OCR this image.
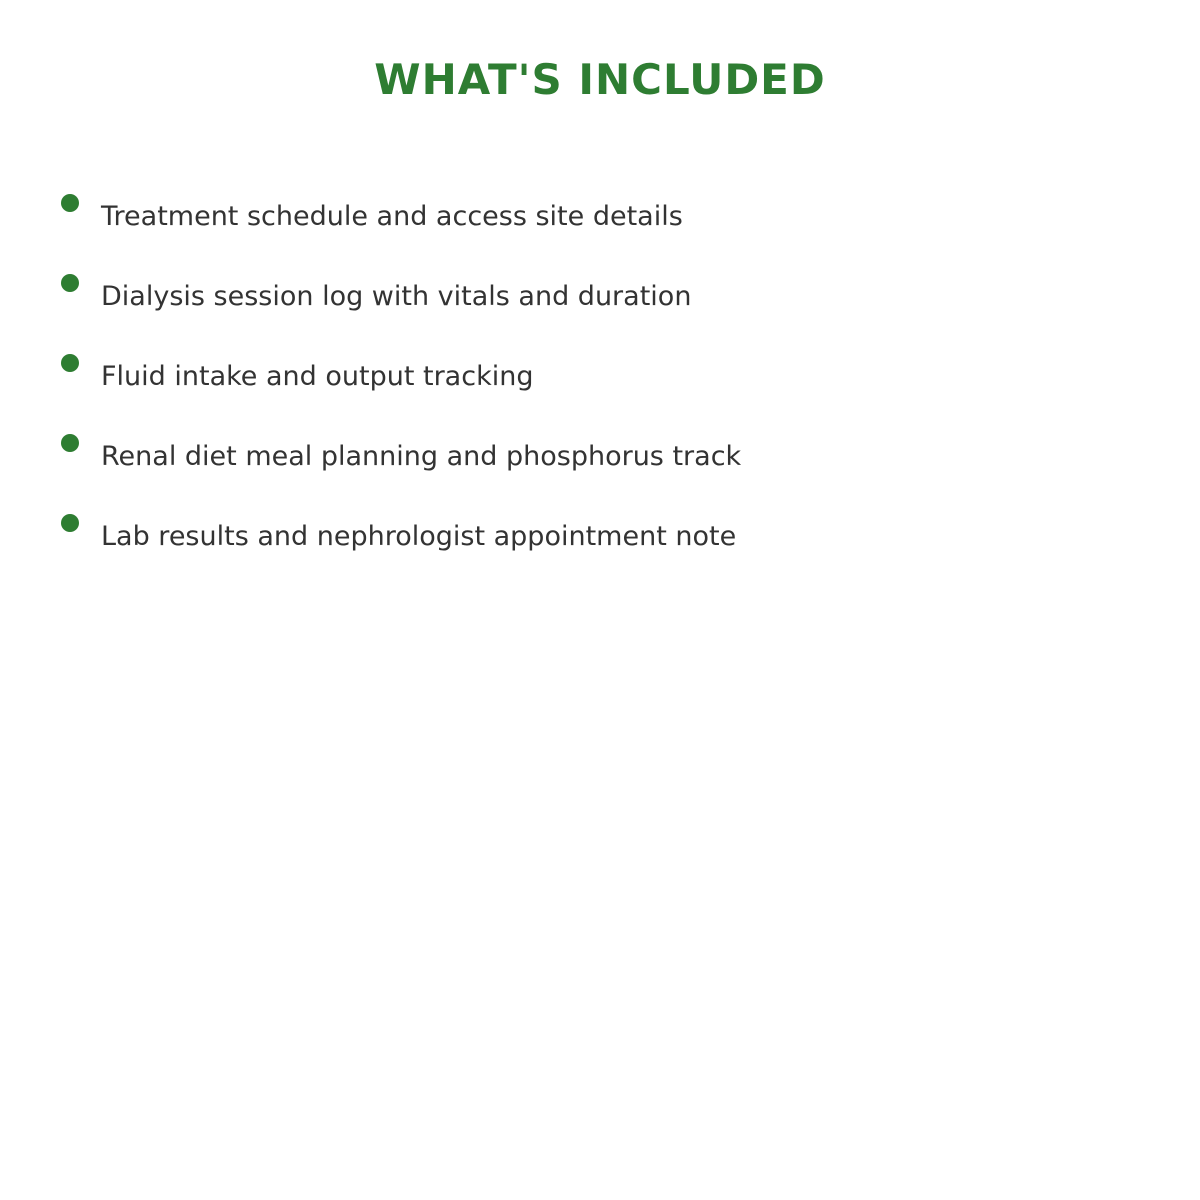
WHAT'S INCLUDED
Treatment schedule and access site details
Dialysis session log with vitals and duration
Fluid intake and output tracking
Renal diet meal planning and phosphorus track
Lab results and nephrologist appointment note
